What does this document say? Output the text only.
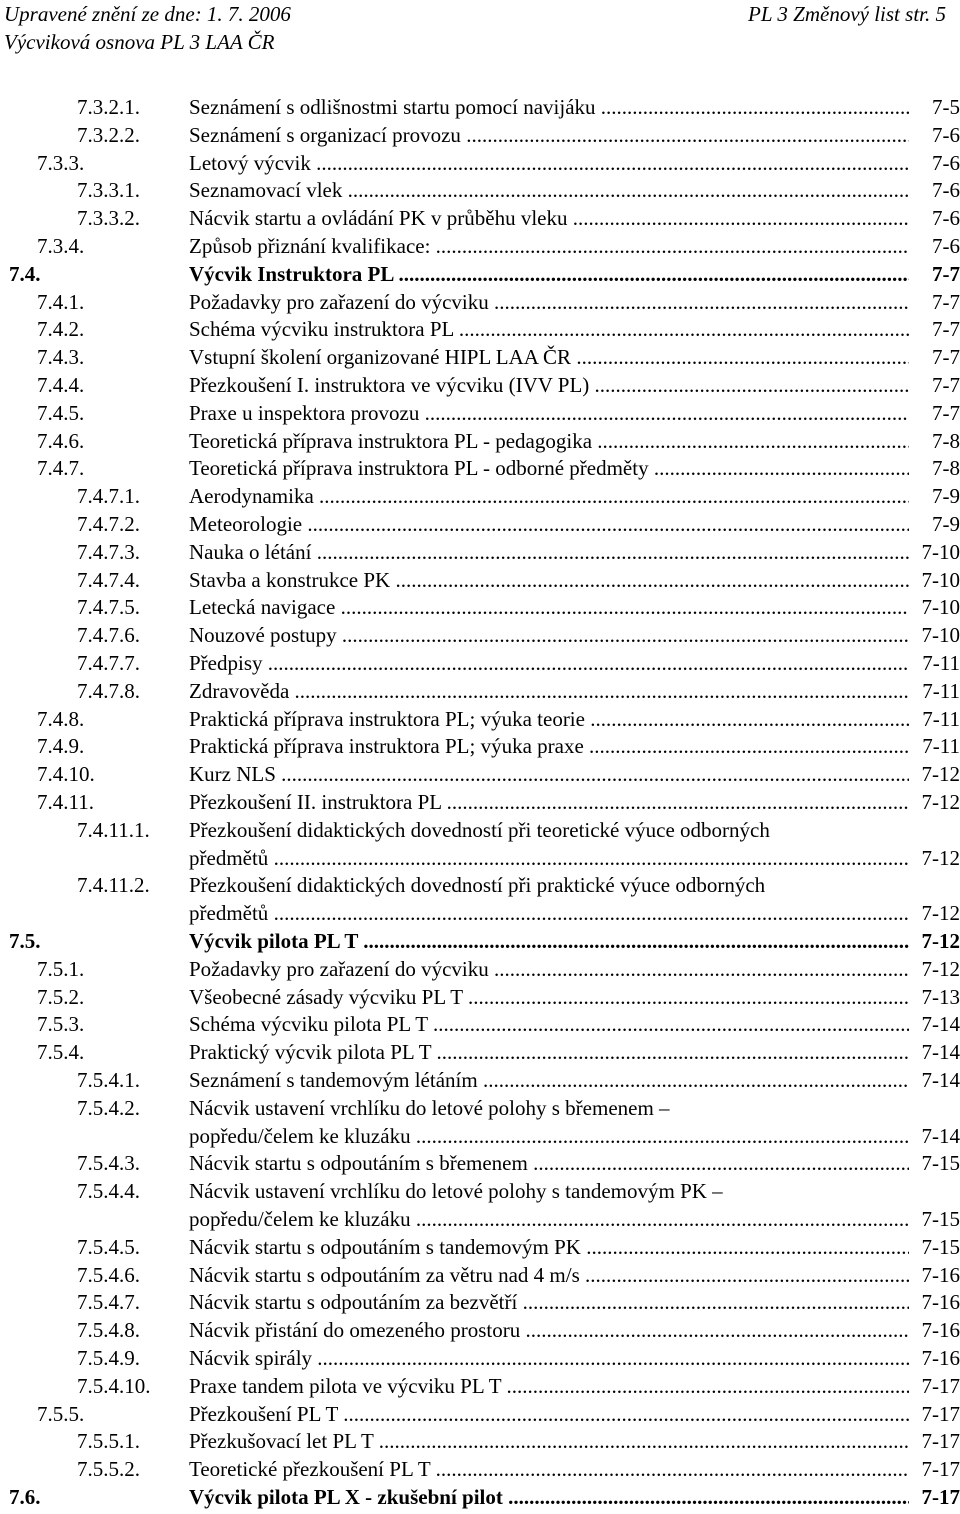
Upravené znění ze dne: 1. 7. 2006
Výcviková osnova PL 3 LAA ČR
PL 3 Změnový list str. 5
7.3.2.1. Seznámení s odlišnostmi startu pomocí navijáku .....	7-5
7.3.2.2. Seznámení s organizací provozu .....	7-6
7.3.3.	Letový výcvik .....	7-6
7.3.3.1. Seznamovací vlek .....	7-6
7.3.3.2. Nácvik startu a ovládání PK v průběhu vleku .....	7-6
7.3.4.	Způsob přiznání kvalifikace: .....	7-6
7.4.	Výcvik Instruktora PL .....	7-7
7.4.1.	Požadavky pro zařazení do výcviku .....	7-7
7.4.2.	Schéma výcviku instruktora PL .....	7-7
7.4.3.	Vstupní školení organizované HIPL LAA ČR .....	7-7
7.4.4.	Přezkoušení I. instruktora ve výcviku (IVV PL) .....	7-7
7.4.5.	Praxe u inspektora provozu .....	7-7
7.4.6.	Teoretická příprava instruktora PL - pedagogika .....	7-8
7.4.7.	Teoretická příprava instruktora PL - odborné předměty .....	7-8
7.4.7.1. Aerodynamika .....	7-9
7.4.7.2. Meteorologie .....	7-9
7.4.7.3. Nauka o létání .....	7-10
7.4.7.4. Stavba a konstrukce PK .....	7-10
7.4.7.5. Letecká navigace .....	7-10
7.4.7.6. Nouzové postupy .....	7-10
7.4.7.7. Předpisy .....	7-11
7.4.7.8. Zdravověda .....	7-11
7.4.8.	Praktická příprava instruktora PL; výuka teorie .....	7-11
7.4.9.	Praktická příprava instruktora PL; výuka praxe .....	7-11
7.4.10.	Kurz NLS .....	7-12
7.4.11.	Přezkoušení II. instruktora PL .....	7-12
7.4.11.1. Přezkoušení didaktických dovedností při teoretické výuce odborných
předmětů .....	7-12
7.4.11.2. Přezkoušení didaktických dovedností při praktické výuce odborných
předmětů .....	7-12
7.5.	Výcvik pilota PL T .....	7-12
7.5.1.	Požadavky pro zařazení do výcviku .....	7-12
7.5.2.	Všeobecné zásady výcviku PL T .....	7-13
7.5.3.	Schéma výcviku pilota PL T .....	7-14
7.5.4.	Praktický výcvik pilota PL T .....	7-14
7.5.4.1. Seznámení s tandemovým létáním .....	7-14
7.5.4.2. Nácvik ustavení vrchlíku do letové polohy s břemenem –
popředu/čelem ke kluzáku .....	7-14
7.5.4.3. Nácvik startu s odpoutáním s břemenem .....	7-15
7.5.4.4. Nácvik ustavení vrchlíku do letové polohy s tandemovým PK –
popředu/čelem ke kluzáku .....	7-15
7.5.4.5. Nácvik startu s odpoutáním s tandemovým PK .....	7-15
7.5.4.6. Nácvik startu s odpoutáním za větru nad 4 m/s .....	7-16
7.5.4.7. Nácvik startu s odpoutáním za bezvětří .....	7-16
7.5.4.8. Nácvik přistání do omezeného prostoru .....	7-16
7.5.4.9. Nácvik spirály .....	7-16
7.5.4.10. Praxe tandem pilota ve výcviku PL T .....	7-17
7.5.5.	Přezkoušení PL T .....	7-17
7.5.5.1. Přezkušovací let PL T .....	7-17
7.5.5.2. Teoretické přezkoušení PL T .....	7-17
7.6.	Výcvik pilota PL X - zkušební pilot .....	7-17
